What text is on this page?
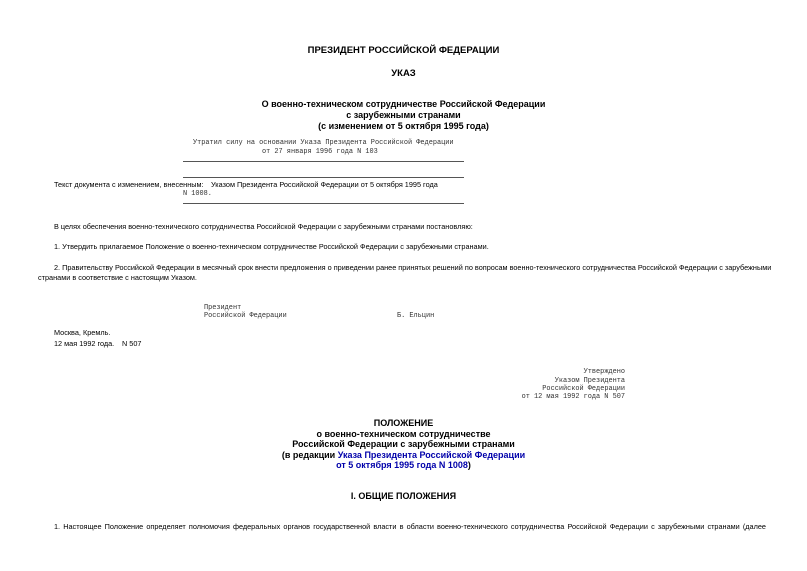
ПРЕЗИДЕНТ РОССИЙСКОЙ ФЕДЕРАЦИИ
УКАЗ
О военно-техническом сотрудничестве Российской Федерации
с зарубежными странами
(с изменением от 5 октября 1995 года)
Утратил силу на основании Указа Президента Российской Федерации
от 27 января 1996 года N 103
Текст документа с изменением, внесенным: Указом Президента Российской Федерации от 5 октября 1995 года
N 1008.
В целях обеспечения военно-технического сотрудничества Российской Федерации с зарубежными странами постановляю:
1. Утвердить прилагаемое Положение о военно-техническом сотрудничестве Российской Федерации с зарубежными странами.
2. Правительству Российской Федерации в месячный срок внести предложения о приведении ранее принятых решений по вопросам военно-технического сотрудничества Российской Федерации с зарубежными
странами в соответствие с настоящим Указом.
Президент
Российской Федерации	Б. Ельцин
Москва, Кремль.
12 мая 1992 года. N 507
Утверждено
Указом Президента
Российской Федерации
от 12 мая 1992 года N 507
ПОЛОЖЕНИЕ
о военно-техническом сотрудничестве
Российской Федерации с зарубежными странами
(в редакции Указа Президента Российской Федерации
от 5 октября 1995 года N 1008)
I. ОБЩИЕ ПОЛОЖЕНИЯ
1. Настоящее Положение определяет полномочия федеральных органов государственной власти в области военно-технического сотрудничества Российской Федерации с зарубежными странами (далее
